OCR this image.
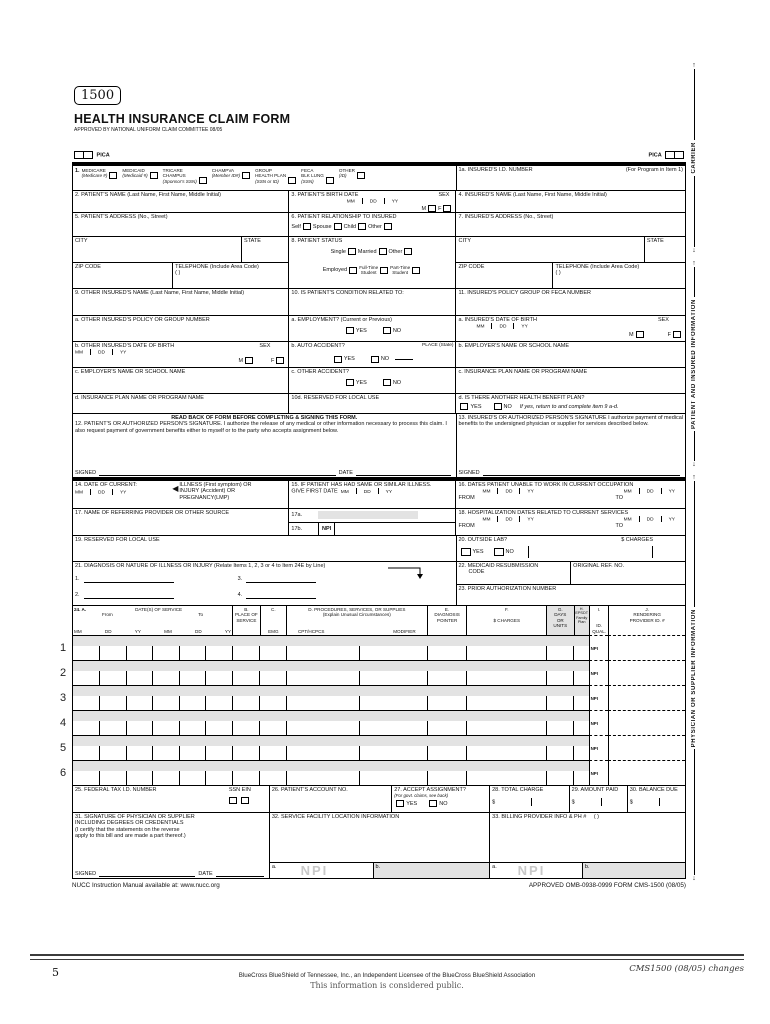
1500
HEALTH INSURANCE CLAIM FORM
APPROVED BY NATIONAL UNIFORM CLAIM COMMITTEE 08/05
PICA	PICA
1. MEDICARE
(Medicare #)
MEDICAID
(Medicaid #)
TRICARE
CHAMPUS
(Sponsor's SSN)
CHAMPVA
(Member ID#)
GROUP
HEALTH PLAN
(SSN or ID)
FECA
BLK LUNG
(SSN)
OTHER
(ID)
1a. INSURED'S I.D. NUMBER	(For Program in Item 1)
2. PATIENT'S NAME (Last Name, First Name, Middle Initial)	3. PATIENT'S BIRTH DATE	SEX
MM	DD	YY
M F
4. INSURED'S NAME (Last Name, First Name, Middle Initial)
5. PATIENT'S ADDRESS (No., Street)	6. PATIENT RELATIONSHIP TO INSURED
Self Spouse Child Other
7. INSURED'S ADDRESS (No., Street)
CITY	STATE
ZIP CODE	TELEPHONE (Include Area Code)
( )
8. PATIENT STATUS
Single Married Other
Employed	Full-Time
Student
Part-Time
Student
CITY	STATE
ZIP CODE	TELEPHONE (Include Area Code)
( )
9. OTHER INSURED'S NAME (Last Name, First Name, Middle Initial)	10. IS PATIENT'S CONDITION RELATED TO:	11. INSURED'S POLICY GROUP OR FECA NUMBER
a. OTHER INSURED'S POLICY OR GROUP NUMBER	a. EMPLOYMENT? (Current or Previous)
YES	NO
a. INSURED'S DATE OF BIRTH	SEX
MM	DD	YY
M	F
b. OTHER INSURED'S DATE OF BIRTH	SEX
MM	DD	YY
M	F
b. AUTO ACCIDENT?	PLACE (State)
YES	NO
b. EMPLOYER'S NAME OR SCHOOL NAME
c. EMPLOYER'S NAME OR SCHOOL NAME	c. OTHER ACCIDENT?
YES	NO
c. INSURANCE PLAN NAME OR PROGRAM NAME
d. INSURANCE PLAN NAME OR PROGRAM NAME	10d. RESERVED FOR LOCAL USE	d. IS THERE ANOTHER HEALTH BENEFIT PLAN?
YES	NO If yes, return to and complete item 9 a-d.
READ BACK OF FORM BEFORE COMPLETING & SIGNING THIS FORM.
12. PATIENT'S OR AUTHORIZED PERSON'S SIGNATURE. I authorize the release of any medical or other information necessary to process this claim. I also request payment of government benefits either to myself or to the party who accepts assignment below.
SIGNED	DATE
13. INSURED'S OR AUTHORIZED PERSON'S SIGNATURE I authorize payment of medical benefits to the undersigned physician or supplier for services described below.
SIGNED
14. DATE OF CURRENT:
MM	DD	YY
◀ ILLNESS (First symptom) OR
INJURY (Accident) OR
PREGNANCY(LMP)
15. IF PATIENT HAS HAD SAME OR SIMILAR ILLNESS.
GIVE FIRST DATE MM	DD	YY
16. DATES PATIENT UNABLE TO WORK IN CURRENT OCCUPATION
MM	DD	YY	MM	DD	YY
FROM	TO
17. NAME OF REFERRING PROVIDER OR OTHER SOURCE	17a.
17b.	NPI
18. HOSPITALIZATION DATES RELATED TO CURRENT SERVICES
MM	DD	YY	MM	DD	YY
FROM	TO
19. RESERVED FOR LOCAL USE	20. OUTSIDE LAB?	$ CHARGES
YES	NO
21. DIAGNOSIS OR NATURE OF ILLNESS OR INJURY (Relate Items 1, 2, 3 or 4 to Item 24E by Line)
1.	3.
2.	4.
22. MEDICAID RESUBMISSION
CODE
ORIGINAL REF. NO.
23. PRIOR AUTHORIZATION NUMBER
24. A.	DATE(S) OF SERVICE
From	To
MM	DD	YY	MM	DD	YY
B.
PLACE OF
SERVICE
C.
EMG
D. PROCEDURES, SERVICES, OR SUPPLIES
(Explain Unusual Circumstances)
CPT/HCPCS	MODIFIER
E.
DIAGNOSIS
POINTER
F.
$ CHARGES
G.
DAYS
OR
UNITS
H.
EPSDT
Family
Plan
I.
ID.
QUAL.
J.
RENDERING
PROVIDER ID. #
1	NPI
2	NPI
3	NPI
4	NPI
5	NPI
6	NPI
25. FEDERAL TAX I.D. NUMBER	SSN EIN	26. PATIENT'S ACCOUNT NO.	27. ACCEPT ASSIGNMENT?
(For govt. claims, see back)
YES	NO
28. TOTAL CHARGE
$
29. AMOUNT PAID
$
30. BALANCE DUE
$
31. SIGNATURE OF PHYSICIAN OR SUPPLIER
INCLUDING DEGREES OR CREDENTIALS
(I certify that the statements on the reverse
apply to this bill and are made a part thereof.)
SIGNED	DATE
32. SERVICE FACILITY LOCATION INFORMATION
a. NPI	b.
33. BILLING PROVIDER INFO & PH # ( )
a. NPI	b.
NUCC Instruction Manual available at: www.nucc.org	APPROVED OMB-0938-0999 FORM CMS-1500 (08/05)
↑
CARRIER
↓
↑
PATIENT AND INSURED INFORMATION
↓
↑
PHYSICIAN OR SUPPLIER INFORMATION
↓
5	BlueCross BlueShield of Tennessee, Inc., an Independent Licensee of the BlueCross BlueShield Association
This information is considered public.
CMS1500 (08/05) changes
